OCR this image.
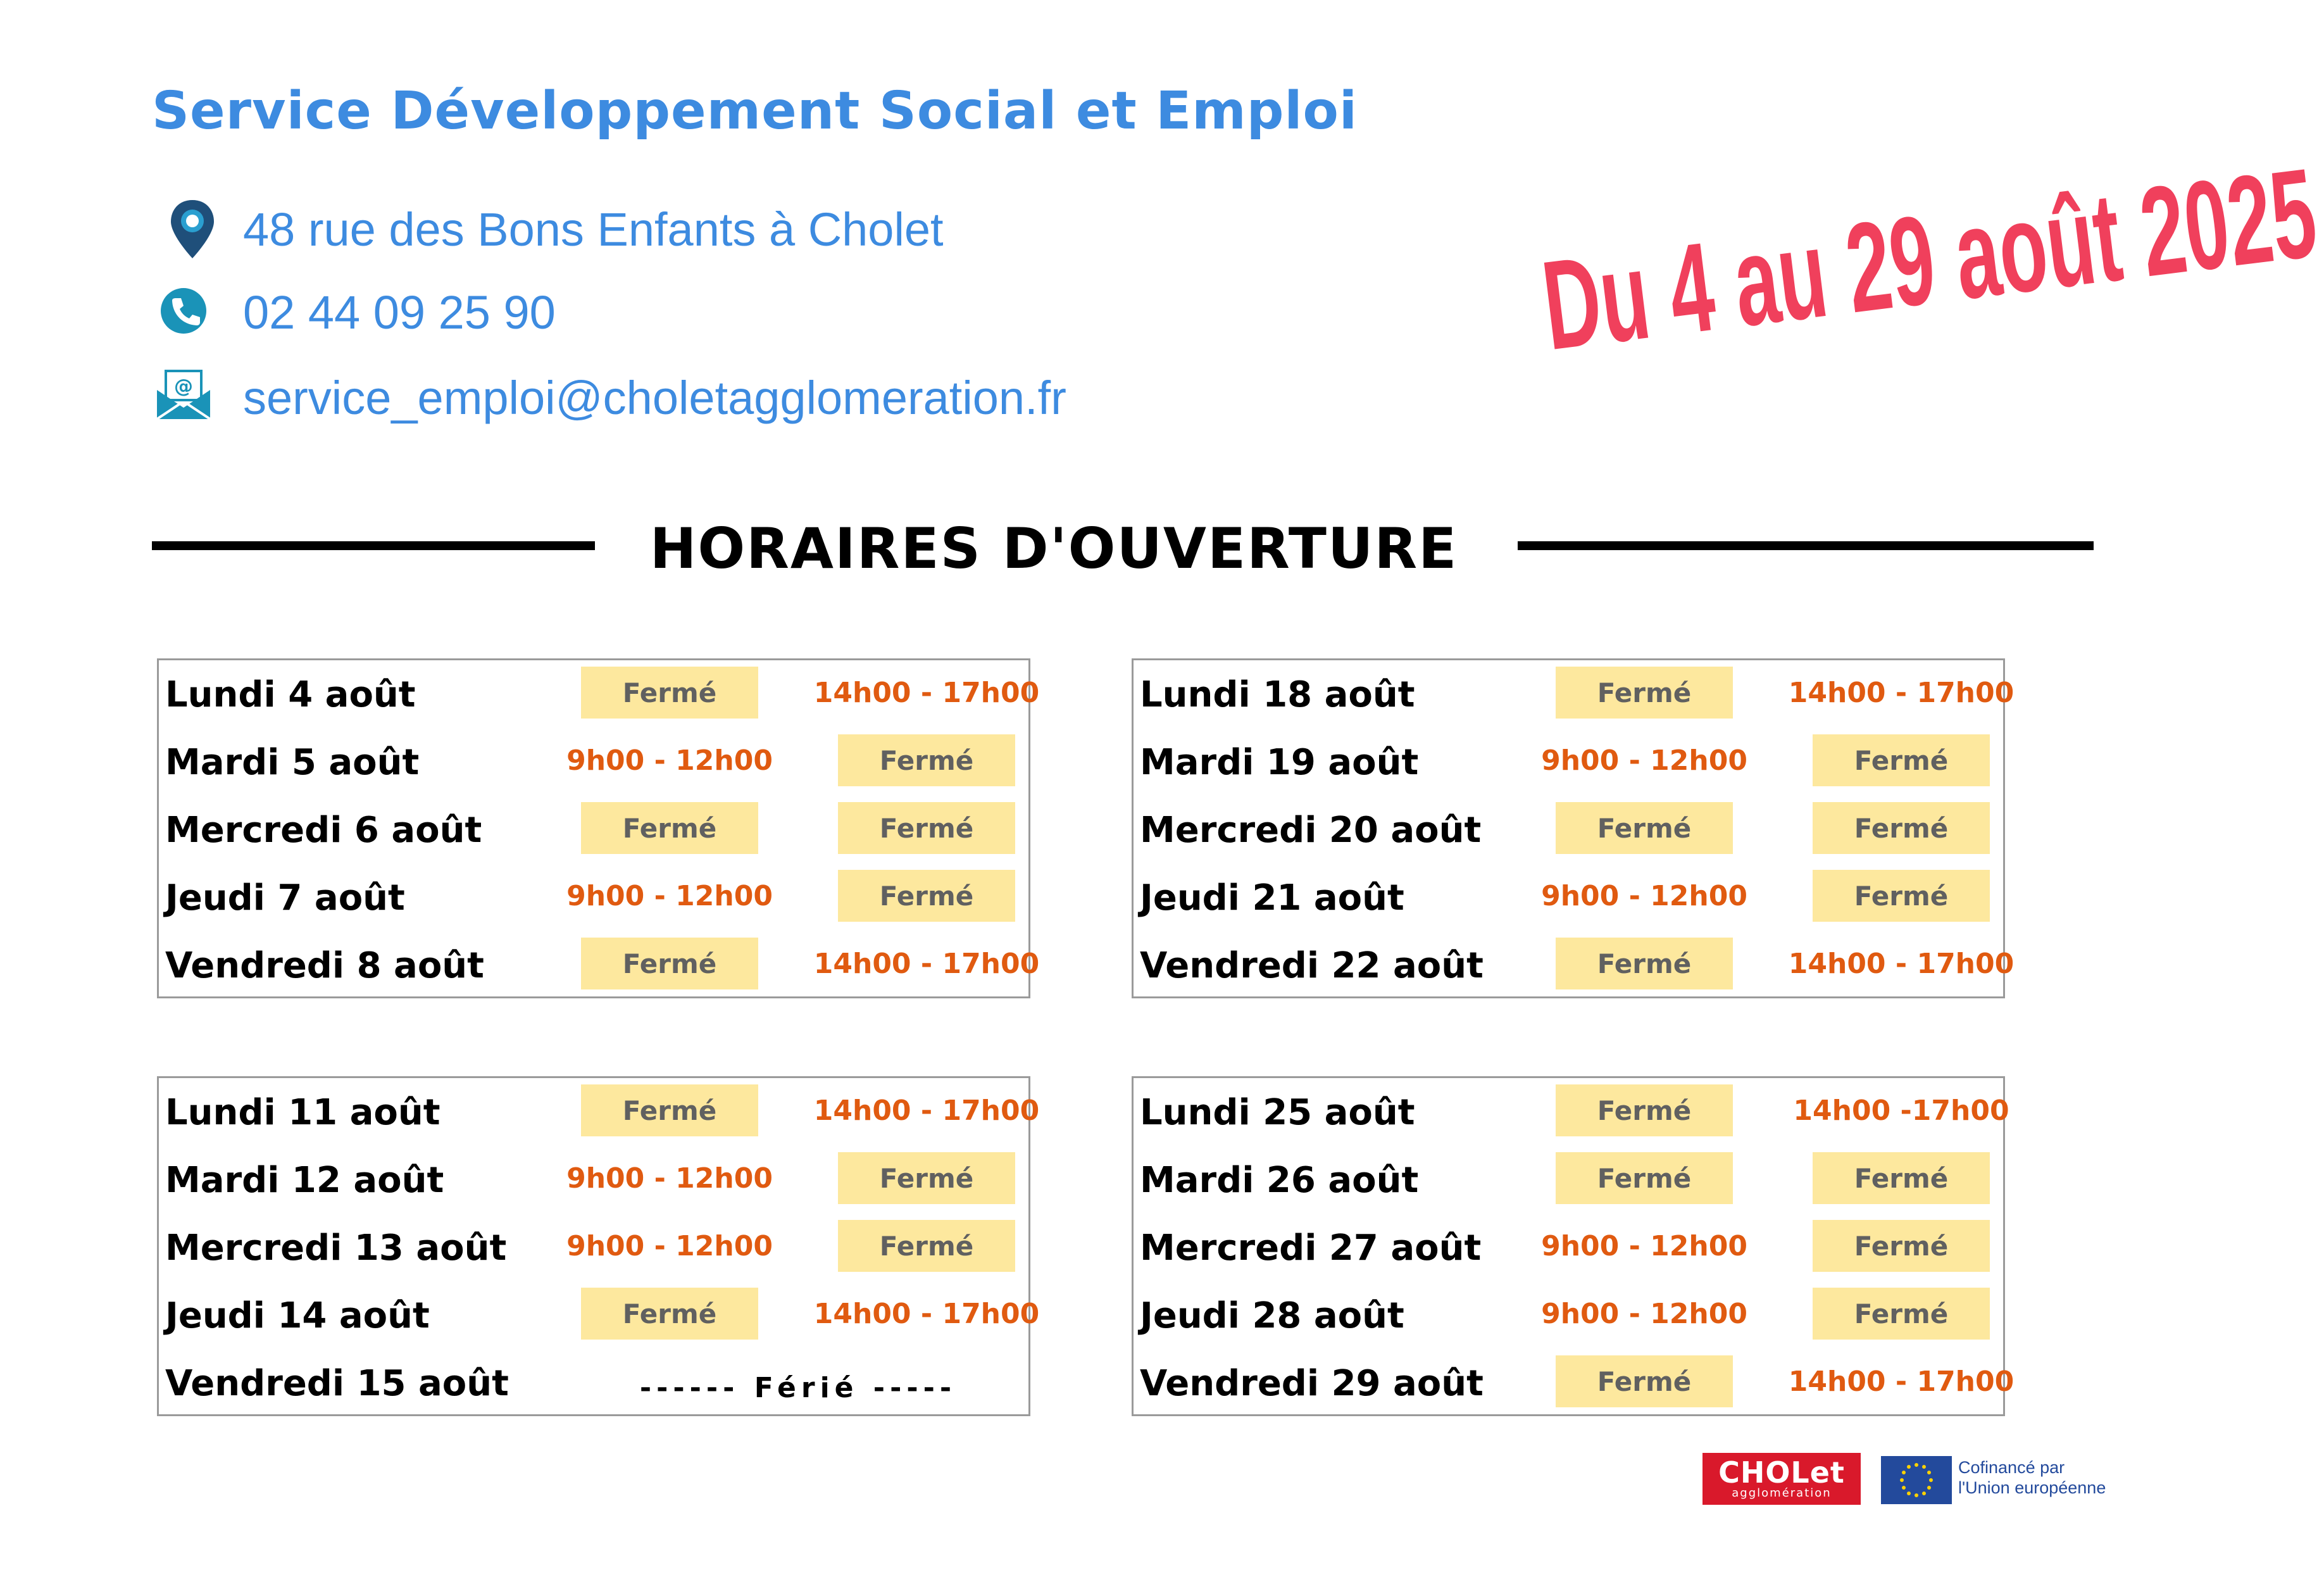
Service Développement Social et Emploi
48 rue des Bons Enfants à Cholet
02 44 09 25 90
@ service_emploi@choletagglomeration.fr
Du 4 au 29 août 2025
HORAIRES D'OUVERTURE
Lundi 4 août	Fermé	14h00 - 17h00
Mardi 5 août	9h00 - 12h00	Fermé
Mercredi 6 août	Fermé	Fermé
Jeudi 7 août	9h00 - 12h00	Fermé
Vendredi 8 août	Fermé	14h00 - 17h00
Lundi 18 août	Fermé	14h00 - 17h00
Mardi 19 août	9h00 - 12h00	Fermé
Mercredi 20 août	Fermé	Fermé
Jeudi 21 août	9h00 - 12h00	Fermé
Vendredi 22 août	Fermé	14h00 - 17h00
Lundi 11 août	Fermé	14h00 - 17h00
Mardi 12 août	9h00 - 12h00	Fermé
Mercredi 13 août 9h00 - 12h00	Fermé
Jeudi 14 août	Fermé	14h00 - 17h00
Vendredi 15 août	------ Férié -----
Lundi 25 août	Fermé	14h00 -17h00
Mardi 26 août	Fermé	Fermé
Mercredi 27 août 9h00 - 12h00	Fermé
Jeudi 28 août	9h00 - 12h00	Fermé
Vendredi 29 août	Fermé	14h00 - 17h00
CHOLet
agglomération
Cofinancé par
l'Union européenne
